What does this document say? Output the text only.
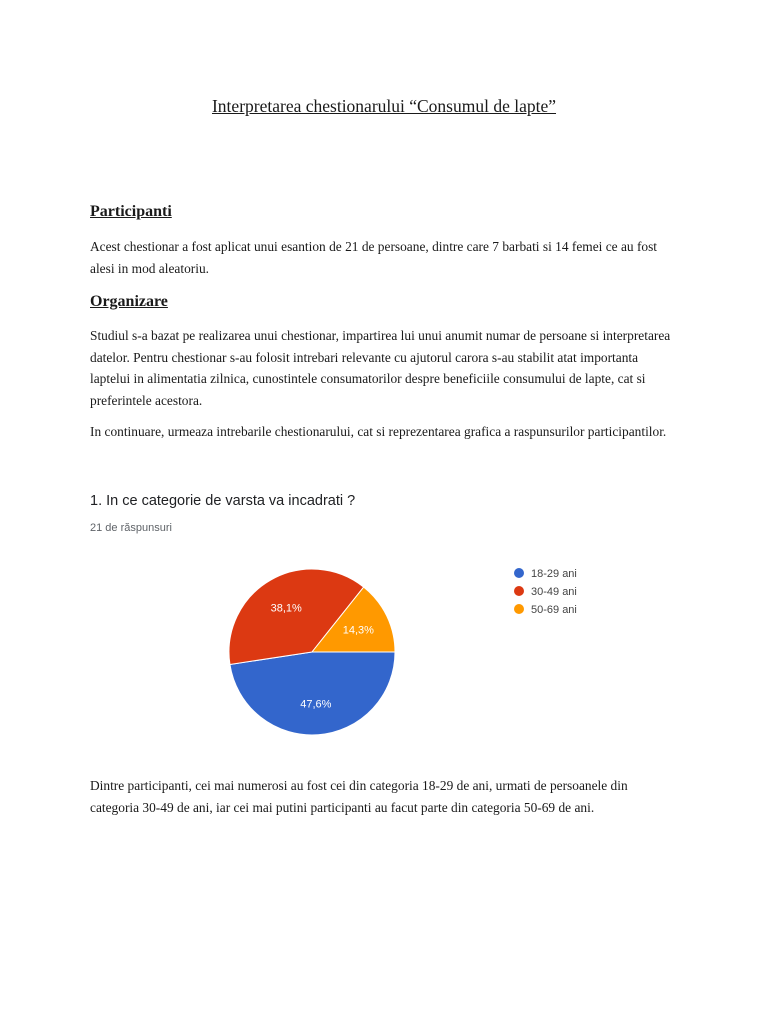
Interpretarea chestionarului “Consumul de lapte”
Participanti
Acest chestionar a fost aplicat unui esantion de 21 de persoane, dintre care 7 barbati si 14 femei ce au fost alesi in mod aleatoriu.
Organizare
Studiul s-a bazat pe realizarea unui chestionar, impartirea lui unui anumit numar de persoane si interpretarea datelor. Pentru chestionar s-au folosit intrebari relevante cu ajutorul carora s-au stabilit atat importanta laptelui in alimentatia zilnica, cunostintele consumatorilor despre beneficiile consumului de lapte, cat si preferintele acestora.
In continuare, urmeaza intrebarile chestionarului, cat si reprezentarea grafica a raspunsurilor participantilor.
1. In ce categorie de varsta va incadrati ?
21 de răspunsuri
47,6%
38,1%
14,3%
18-29 ani
30-49 ani
50-69 ani
Dintre participanti, cei mai numerosi au fost cei din categoria 18-29 de ani, urmati de persoanele din categoria 30-49 de ani, iar cei mai putini participanti au facut parte din categoria 50-69 de ani.
